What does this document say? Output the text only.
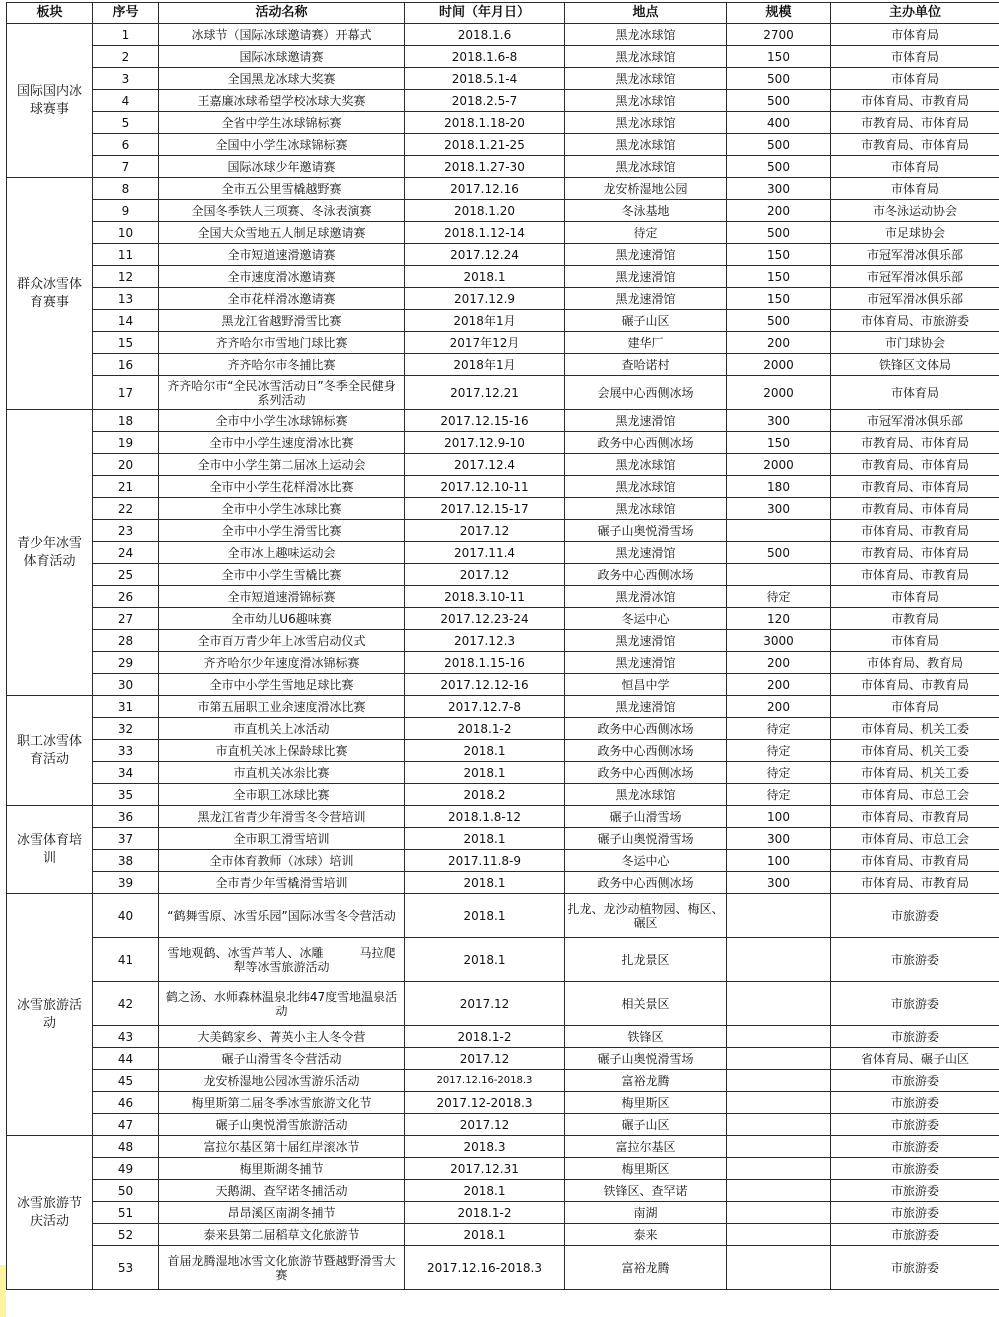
板块	序号	活动名称	时间（年月日）	地点	规模	主办单位
国际国内冰球赛事	1	冰球节（国际冰球邀请赛）开幕式	2018.1.6	黑龙冰球馆	2700	市体育局
	2	国际冰球邀请赛	2018.1.6-8	黑龙冰球馆	150	市体育局
	3	全国黑龙冰球大奖赛	2018.5.1-4	黑龙冰球馆	500	市体育局
	4	王嘉廉冰球希望学校冰球大奖赛	2018.2.5-7	黑龙冰球馆	500	市体育局、市教育局
	5	全省中学生冰球锦标赛	2018.1.18-20	黑龙冰球馆	400	市教育局、市体育局
	6	全国中小学生冰球锦标赛	2018.1.21-25	黑龙冰球馆	500	市教育局、市体育局
	7	国际冰球少年邀请赛	2018.1.27-30	黑龙冰球馆	500	市体育局
群众冰雪体育赛事	8	全市五公里雪橇越野赛	2017.12.16	龙安桥湿地公园	300	市体育局
	9	全国冬季铁人三项赛、冬泳表演赛	2018.1.20	冬泳基地	200	市冬泳运动协会
	10	全国大众雪地五人制足球邀请赛	2018.1.12-14	待定	500	市足球协会
	11	全市短道速滑邀请赛	2017.12.24	黑龙速滑馆	150	市冠军滑冰俱乐部
	12	全市速度滑冰邀请赛	2018.1	黑龙速滑馆	150	市冠军滑冰俱乐部
	13	全市花样滑冰邀请赛	2017.12.9	黑龙速滑馆	150	市冠军滑冰俱乐部
	14	黑龙江省越野滑雪比赛	2018年1月	碾子山区	500	市体育局、市旅游委
	15	齐齐哈尔市雪地门球比赛	2017年12月	建华厂	200	市门球协会
	16	齐齐哈尔市冬捕比赛	2018年1月	查哈诺村	2000	铁锋区文体局
	17	齐齐哈尔市“全民冰雪活动日”冬季全民健身系列活动	2017.12.21	会展中心西侧冰场	2000	市体育局
青少年冰雪体育活动	18	全市中小学生冰球锦标赛	2017.12.15-16	黑龙速滑馆	300	市冠军滑冰俱乐部
	19	全市中小学生速度滑冰比赛	2017.12.9-10	政务中心西侧冰场	150	市教育局、市体育局
	20	全市中小学生第二届冰上运动会	2017.12.4	黑龙冰球馆	2000	市教育局、市体育局
	21	全市中小学生花样滑冰比赛	2017.12.10-11	黑龙冰球馆	180	市教育局、市体育局
	22	全市中小学生冰球比赛	2017.12.15-17	黑龙冰球馆	300	市教育局、市体育局
	23	全市中小学生滑雪比赛	2017.12	碾子山奥悦滑雪场		市体育局、市教育局
	24	全市冰上趣味运动会	2017.11.4	黑龙速滑馆	500	市教育局、市体育局
	25	全市中小学生雪橇比赛	2017.12	政务中心西侧冰场		市体育局、市教育局
	26	全市短道速滑锦标赛	2018.3.10-11	黑龙滑冰馆	待定	市体育局
	27	全市幼儿U6趣味赛	2017.12.23-24	冬运中心	120	市教育局
	28	全市百万青少年上冰雪启动仪式	2017.12.3	黑龙速滑馆	3000	市体育局
	29	齐齐哈尔少年速度滑冰锦标赛	2018.1.15-16	黑龙速滑馆	200	市体育局、教育局
	30	全市中小学生雪地足球比赛	2017.12.12-16	恒昌中学	200	市体育局、市教育局
职工冰雪体育活动	31	市第五届职工业余速度滑冰比赛	2017.12.7-8	黑龙速滑馆	200	市体育局
	32	市直机关上冰活动	2018.1-2	政务中心西侧冰场	待定	市体育局、机关工委
	33	市直机关冰上保龄球比赛	2018.1	政务中心西侧冰场	待定	市体育局、机关工委
	34	市直机关冰尜比赛	2018.1	政务中心西侧冰场	待定	市体育局、机关工委
	35	全市职工冰球比赛	2018.2	黑龙冰球馆	待定	市体育局、市总工会
冰雪体育培训	36	黑龙江省青少年滑雪冬令营培训	2018.1.8-12	碾子山滑雪场	100	市体育局、市教育局
	37	全市职工滑雪培训	2018.1	碾子山奥悦滑雪场	300	市体育局、市总工会
	38	全市体育教师（冰球）培训	2017.11.8-9	冬运中心	100	市体育局、市教育局
	39	全市青少年雪橇滑雪培训	2018.1	政务中心西侧冰场	300	市体育局、市教育局
冰雪旅游活动	40	“鹤舞雪原、冰雪乐园”国际冰雪冬令营活动	2018.1	扎龙、龙沙动植物园、梅区、碾区		市旅游委
	41	雪地观鹤、冰雪芦苇人、冰雕　　　马拉爬犁等冰雪旅游活动	2018.1	扎龙景区		市旅游委
	42	鹤之汤、水师森林温泉北纬47度雪地温泉活动	2017.12	相关景区		市旅游委
	43	大美鹤家乡、菁英小主人冬令营	2018.1-2	铁锋区		市旅游委
	44	碾子山滑雪冬令营活动	2017.12	碾子山奥悦滑雪场		省体育局、碾子山区
	45	龙安桥湿地公园冰雪游乐活动	2017.12.16-2018.3	富裕龙腾		市旅游委
	46	梅里斯第二届冬季冰雪旅游文化节	2017.12-2018.3	梅里斯区		市旅游委
	47	碾子山奥悦滑雪旅游活动	2017.12	碾子山区		市旅游委
冰雪旅游节庆活动	48	富拉尔基区第十届红岸滚冰节	2018.3	富拉尔基区		市旅游委
	49	梅里斯湖冬捕节	2017.12.31	梅里斯区		市旅游委
	50	天鹅湖、查罕诺冬捕活动	2018.1	铁锋区、查罕诺		市旅游委
	51	昂昂溪区南湖冬捕节	2018.1-2	南湖		市旅游委
	52	泰来县第二届稻草文化旅游节	2018.1	泰来		市旅游委
	53	首届龙腾湿地冰雪文化旅游节暨越野滑雪大赛	2017.12.16-2018.3	富裕龙腾		市旅游委
